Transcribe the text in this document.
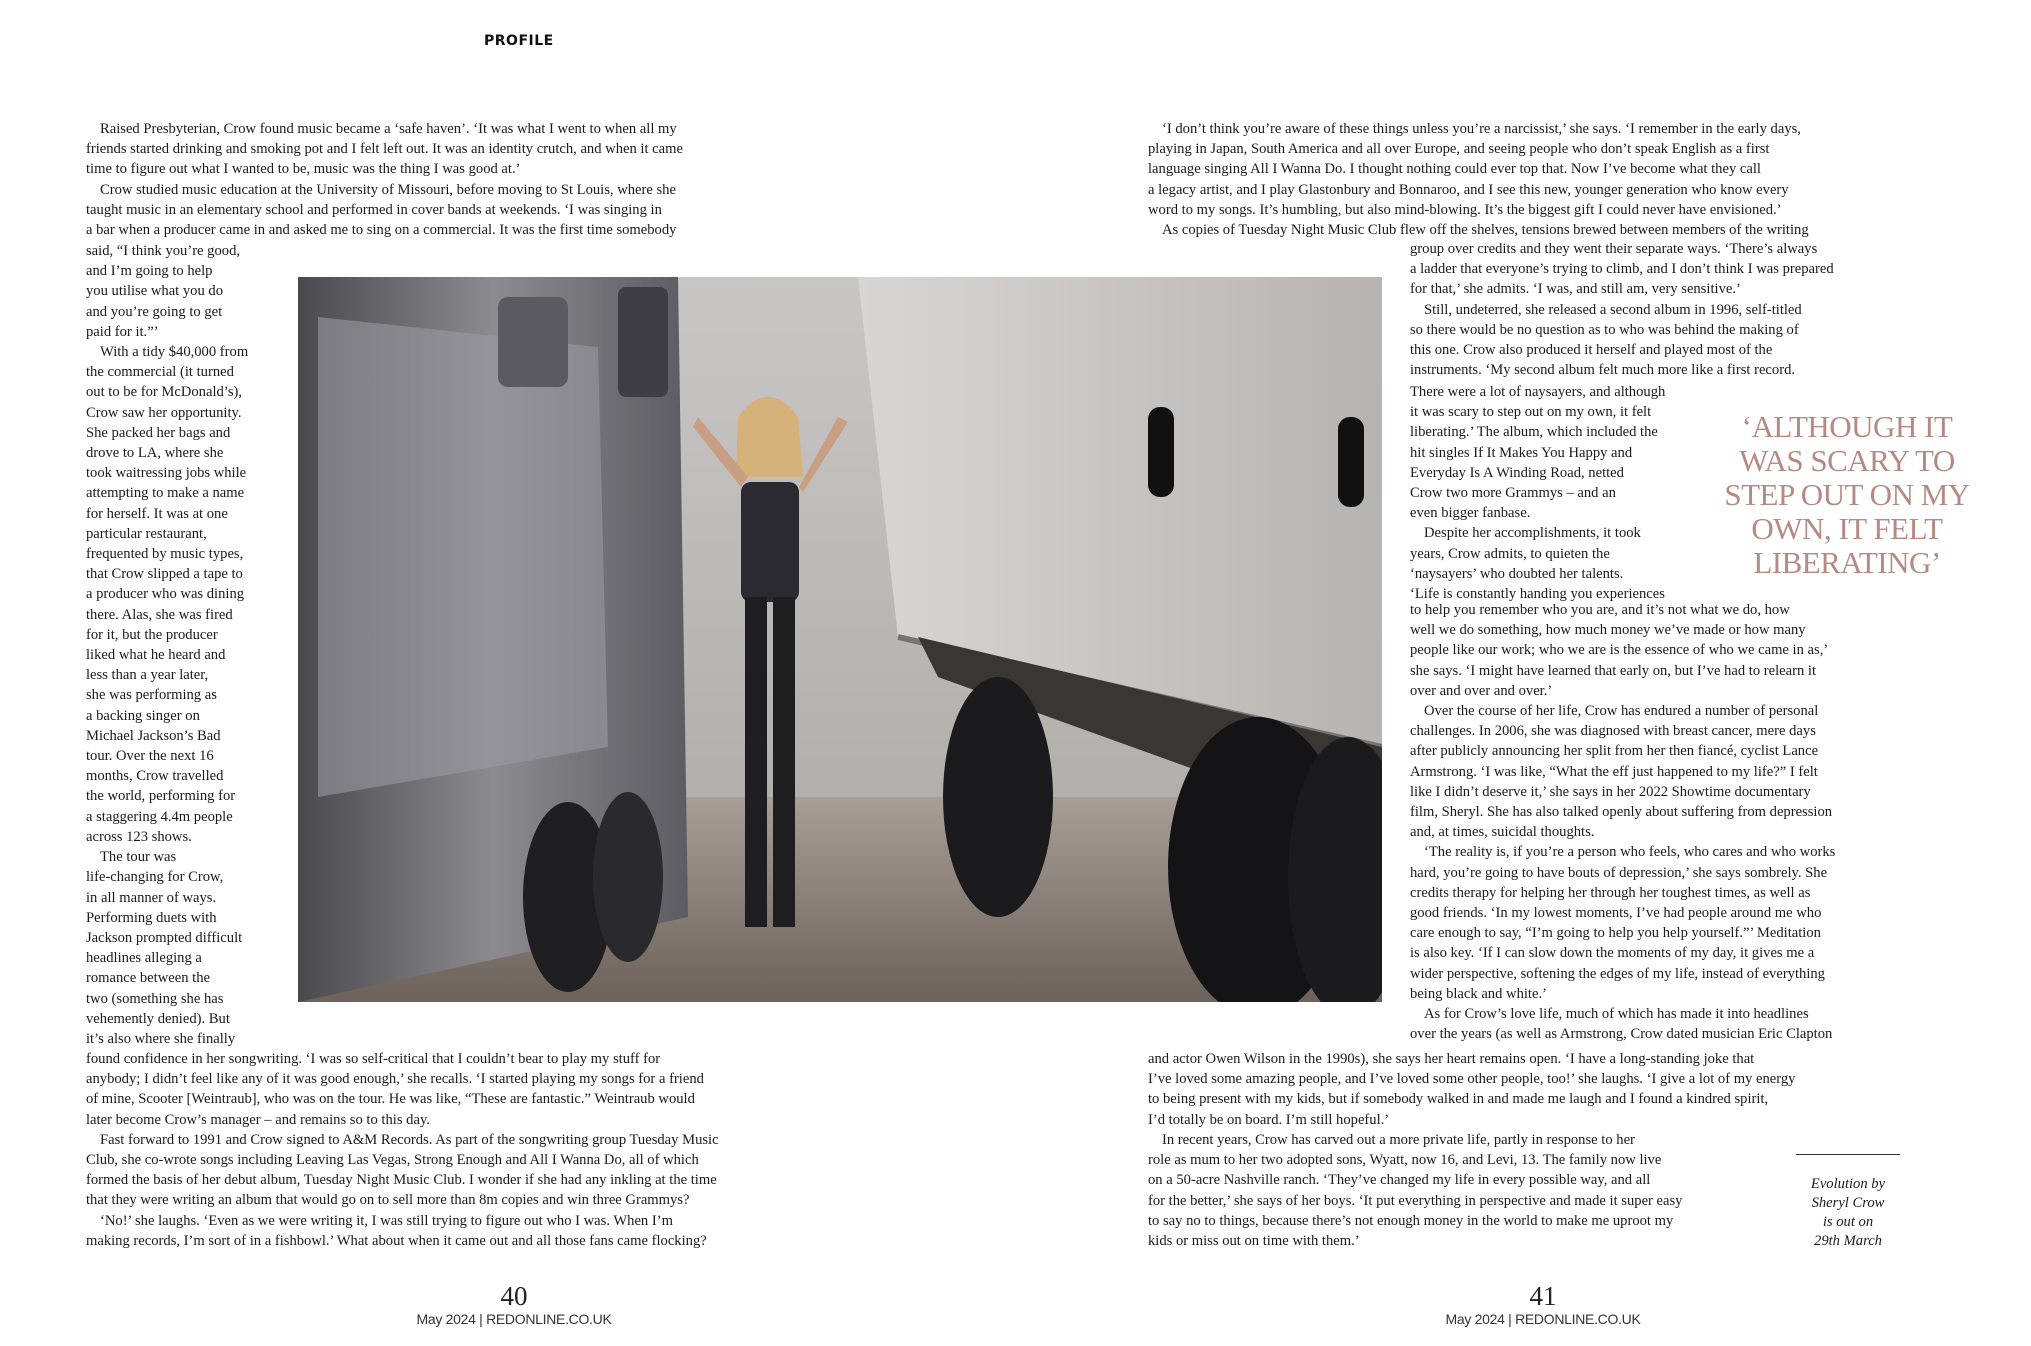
PROFILE

Raised Presbyterian, Crow found music became a ‘safe haven’. ‘It was what I went to when all my
friends started drinking and smoking pot and I felt left out. It was an identity crutch, and when it came
time to figure out what I wanted to be, music was the thing I was good at.’
Crow studied music education at the University of Missouri, before moving to St Louis, where she
taught music in an elementary school and performed in cover bands at weekends. ‘I was singing in
a bar when a producer came in and asked me to sing on a commercial. It was the first time somebody

said, “I think you’re good,
and I’m going to help
you utilise what you do
and you’re going to get
paid for it.”’
With a tidy $40,000 from
the commercial (it turned
out to be for McDonald’s),
Crow saw her opportunity.
She packed her bags and
drove to LA, where she
took waitressing jobs while
attempting to make a name
for herself. It was at one
particular restaurant,
frequented by music types,
that Crow slipped a tape to
a producer who was dining
there. Alas, she was fired
for it, but the producer
liked what he heard and
less than a year later,
she was performing as
a backing singer on
Michael Jackson’s Bad
tour. Over the next 16
months, Crow travelled
the world, performing for
a staggering 4.4m people
across 123 shows.
The tour was
life-changing for Crow,
in all manner of ways.
Performing duets with
Jackson prompted difficult
headlines alleging a
romance between the
two (something she has
vehemently denied). But
it’s also where she finally

found confidence in her songwriting. ‘I was so self-critical that I couldn’t bear to play my stuff for
anybody; I didn’t feel like any of it was good enough,’ she recalls. ‘I started playing my songs for a friend
of mine, Scooter [Weintraub], who was on the tour. He was like, “These are fantastic.” Weintraub would
later become Crow’s manager – and remains so to this day.
Fast forward to 1991 and Crow signed to A&M Records. As part of the songwriting group Tuesday Music
Club, she co-wrote songs including Leaving Las Vegas, Strong Enough and All I Wanna Do, all of which
formed the basis of her debut album, Tuesday Night Music Club. I wonder if she had any inkling at the time
that they were writing an album that would go on to sell more than 8m copies and win three Grammys?
‘No!’ she laughs. ‘Even as we were writing it, I was still trying to figure out who I was. When I’m
making records, I’m sort of in a fishbowl.’ What about when it came out and all those fans came flocking?

‘I don’t think you’re aware of these things unless you’re a narcissist,’ she says. ‘I remember in the early days,
playing in Japan, South America and all over Europe, and seeing people who don’t speak English as a first
language singing All I Wanna Do. I thought nothing could ever top that. Now I’ve become what they call
a legacy artist, and I play Glastonbury and Bonnaroo, and I see this new, younger generation who know every
word to my songs. It’s humbling, but also mind-blowing. It’s the biggest gift I could never have envisioned.’
As copies of Tuesday Night Music Club flew off the shelves, tensions brewed between members of the writing

group over credits and they went their separate ways. ‘There’s always
a ladder that everyone’s trying to climb, and I don’t think I was prepared
for that,’ she admits. ‘I was, and still am, very sensitive.’
Still, undeterred, she released a second album in 1996, self-titled
so there would be no question as to who was behind the making of
this one. Crow also produced it herself and played most of the
instruments. ‘My second album felt much more like a first record.

There were a lot of naysayers, and although
it was scary to step out on my own, it felt
liberating.’ The album, which included the
hit singles If It Makes You Happy and
Everyday Is A Winding Road, netted
Crow two more Grammys – and an
even bigger fanbase.
Despite her accomplishments, it took
years, Crow admits, to quieten the
‘naysayers’ who doubted her talents.
‘Life is constantly handing you experiences

to help you remember who you are, and it’s not what we do, how
well we do something, how much money we’ve made or how many
people like our work; who we are is the essence of who we came in as,’
she says. ‘I might have learned that early on, but I’ve had to relearn it
over and over and over.’
Over the course of her life, Crow has endured a number of personal
challenges. In 2006, she was diagnosed with breast cancer, mere days
after publicly announcing her split from her then fiancé, cyclist Lance
Armstrong. ‘I was like, “What the eff just happened to my life?” I felt
like I didn’t deserve it,’ she says in her 2022 Showtime documentary
film, Sheryl. She has also talked openly about suffering from depression
and, at times, suicidal thoughts.
‘The reality is, if you’re a person who feels, who cares and who works
hard, you’re going to have bouts of depression,’ she says sombrely. She
credits therapy for helping her through her toughest times, as well as
good friends. ‘In my lowest moments, I’ve had people around me who
care enough to say, “I’m going to help you help yourself.”’ Meditation
is also key. ‘If I can slow down the moments of my day, it gives me a
wider perspective, softening the edges of my life, instead of everything
being black and white.’
As for Crow’s love life, much of which has made it into headlines
over the years (as well as Armstrong, Crow dated musician Eric Clapton

and actor Owen Wilson in the 1990s), she says her heart remains open. ‘I have a long-standing joke that
I’ve loved some amazing people, and I’ve loved some other people, too!’ she laughs. ‘I give a lot of my energy
to being present with my kids, but if somebody walked in and made me laugh and I found a kindred spirit,
I’d totally be on board. I’m still hopeful.’

In recent years, Crow has carved out a more private life, partly in response to her
role as mum to her two adopted sons, Wyatt, now 16, and Levi, 13. The family now live
on a 50-acre Nashville ranch. ‘They’ve changed my life in every possible way, and all
for the better,’ she says of her boys. ‘It put everything in perspective and made it super easy
to say no to things, because there’s not enough money in the world to make me uproot my
kids or miss out on time with them.’

‘ALTHOUGH IT WAS SCARY TO STEP OUT ON MY OWN, IT FELT LIBERATING’
Evolution by
Sheryl Crow
is out on
29th March
40
May 2024 | REDONLINE.CO.UK
41
May 2024 | REDONLINE.CO.UK
